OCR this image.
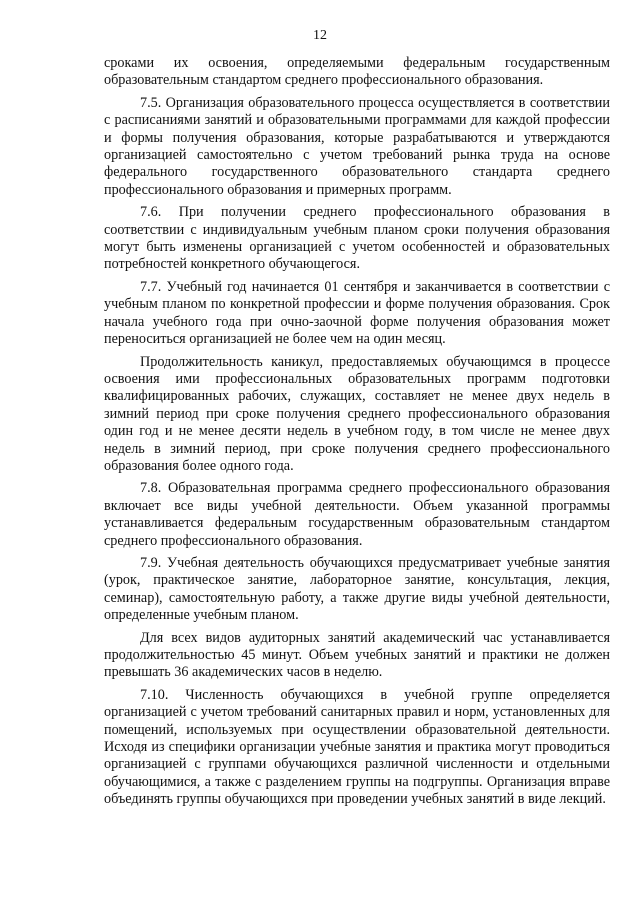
12

сроками их освоения, определяемыми федеральным государственным образовательным стандартом среднего профессионального образования.

7.5. Организация образовательного процесса осуществляется в соответствии с расписаниями занятий и образовательными программами для каждой профессии и формы получения образования, которые разрабатываются и утверждаются организацией самостоятельно с учетом требований рынка труда на основе федерального государственного образовательного стандарта среднего профессионального образования и примерных программ.

7.6. При получении среднего профессионального образования в соответствии с индивидуальным учебным планом сроки получения образования могут быть изменены организацией с учетом особенностей и образовательных потребностей конкретного обучающегося.

7.7. Учебный год начинается 01 сентября и заканчивается в соответствии с учебным планом по конкретной профессии и форме получения образования. Срок начала учебного года при очно-заочной форме получения образования может переноситься организацией не более чем на один месяц.

Продолжительность каникул, предоставляемых обучающимся в процессе освоения ими профессиональных образовательных программ подготовки квалифицированных рабочих, служащих, составляет не менее двух недель в зимний период при сроке получения среднего профессионального образования один год и не менее десяти недель в учебном году, в том числе не менее двух недель в зимний период, при сроке получения среднего профессионального образования более одного года.

7.8. Образовательная программа среднего профессионального образования включает все виды учебной деятельности. Объем указанной программы устанавливается федеральным государственным образовательным стандартом среднего профессионального образования.

7.9. Учебная деятельность обучающихся предусматривает учебные занятия (урок, практическое занятие, лабораторное занятие, консультация, лекция, семинар), самостоятельную работу, а также другие виды учебной деятельности, определенные учебным планом.

Для всех видов аудиторных занятий академический час устанавливается продолжительностью 45 минут. Объем учебных занятий и практики не должен превышать 36 академических часов в неделю.

7.10. Численность обучающихся в учебной группе определяется организацией с учетом требований санитарных правил и норм, установленных для помещений, используемых при осуществлении образовательной деятельности. Исходя из специфики организации учебные занятия и практика могут проводиться организацией с группами обучающихся различной численности и отдельными обучающимися, а также с разделением группы на подгруппы. Организация вправе объединять группы обучающихся при проведении учебных занятий в виде лекций.
